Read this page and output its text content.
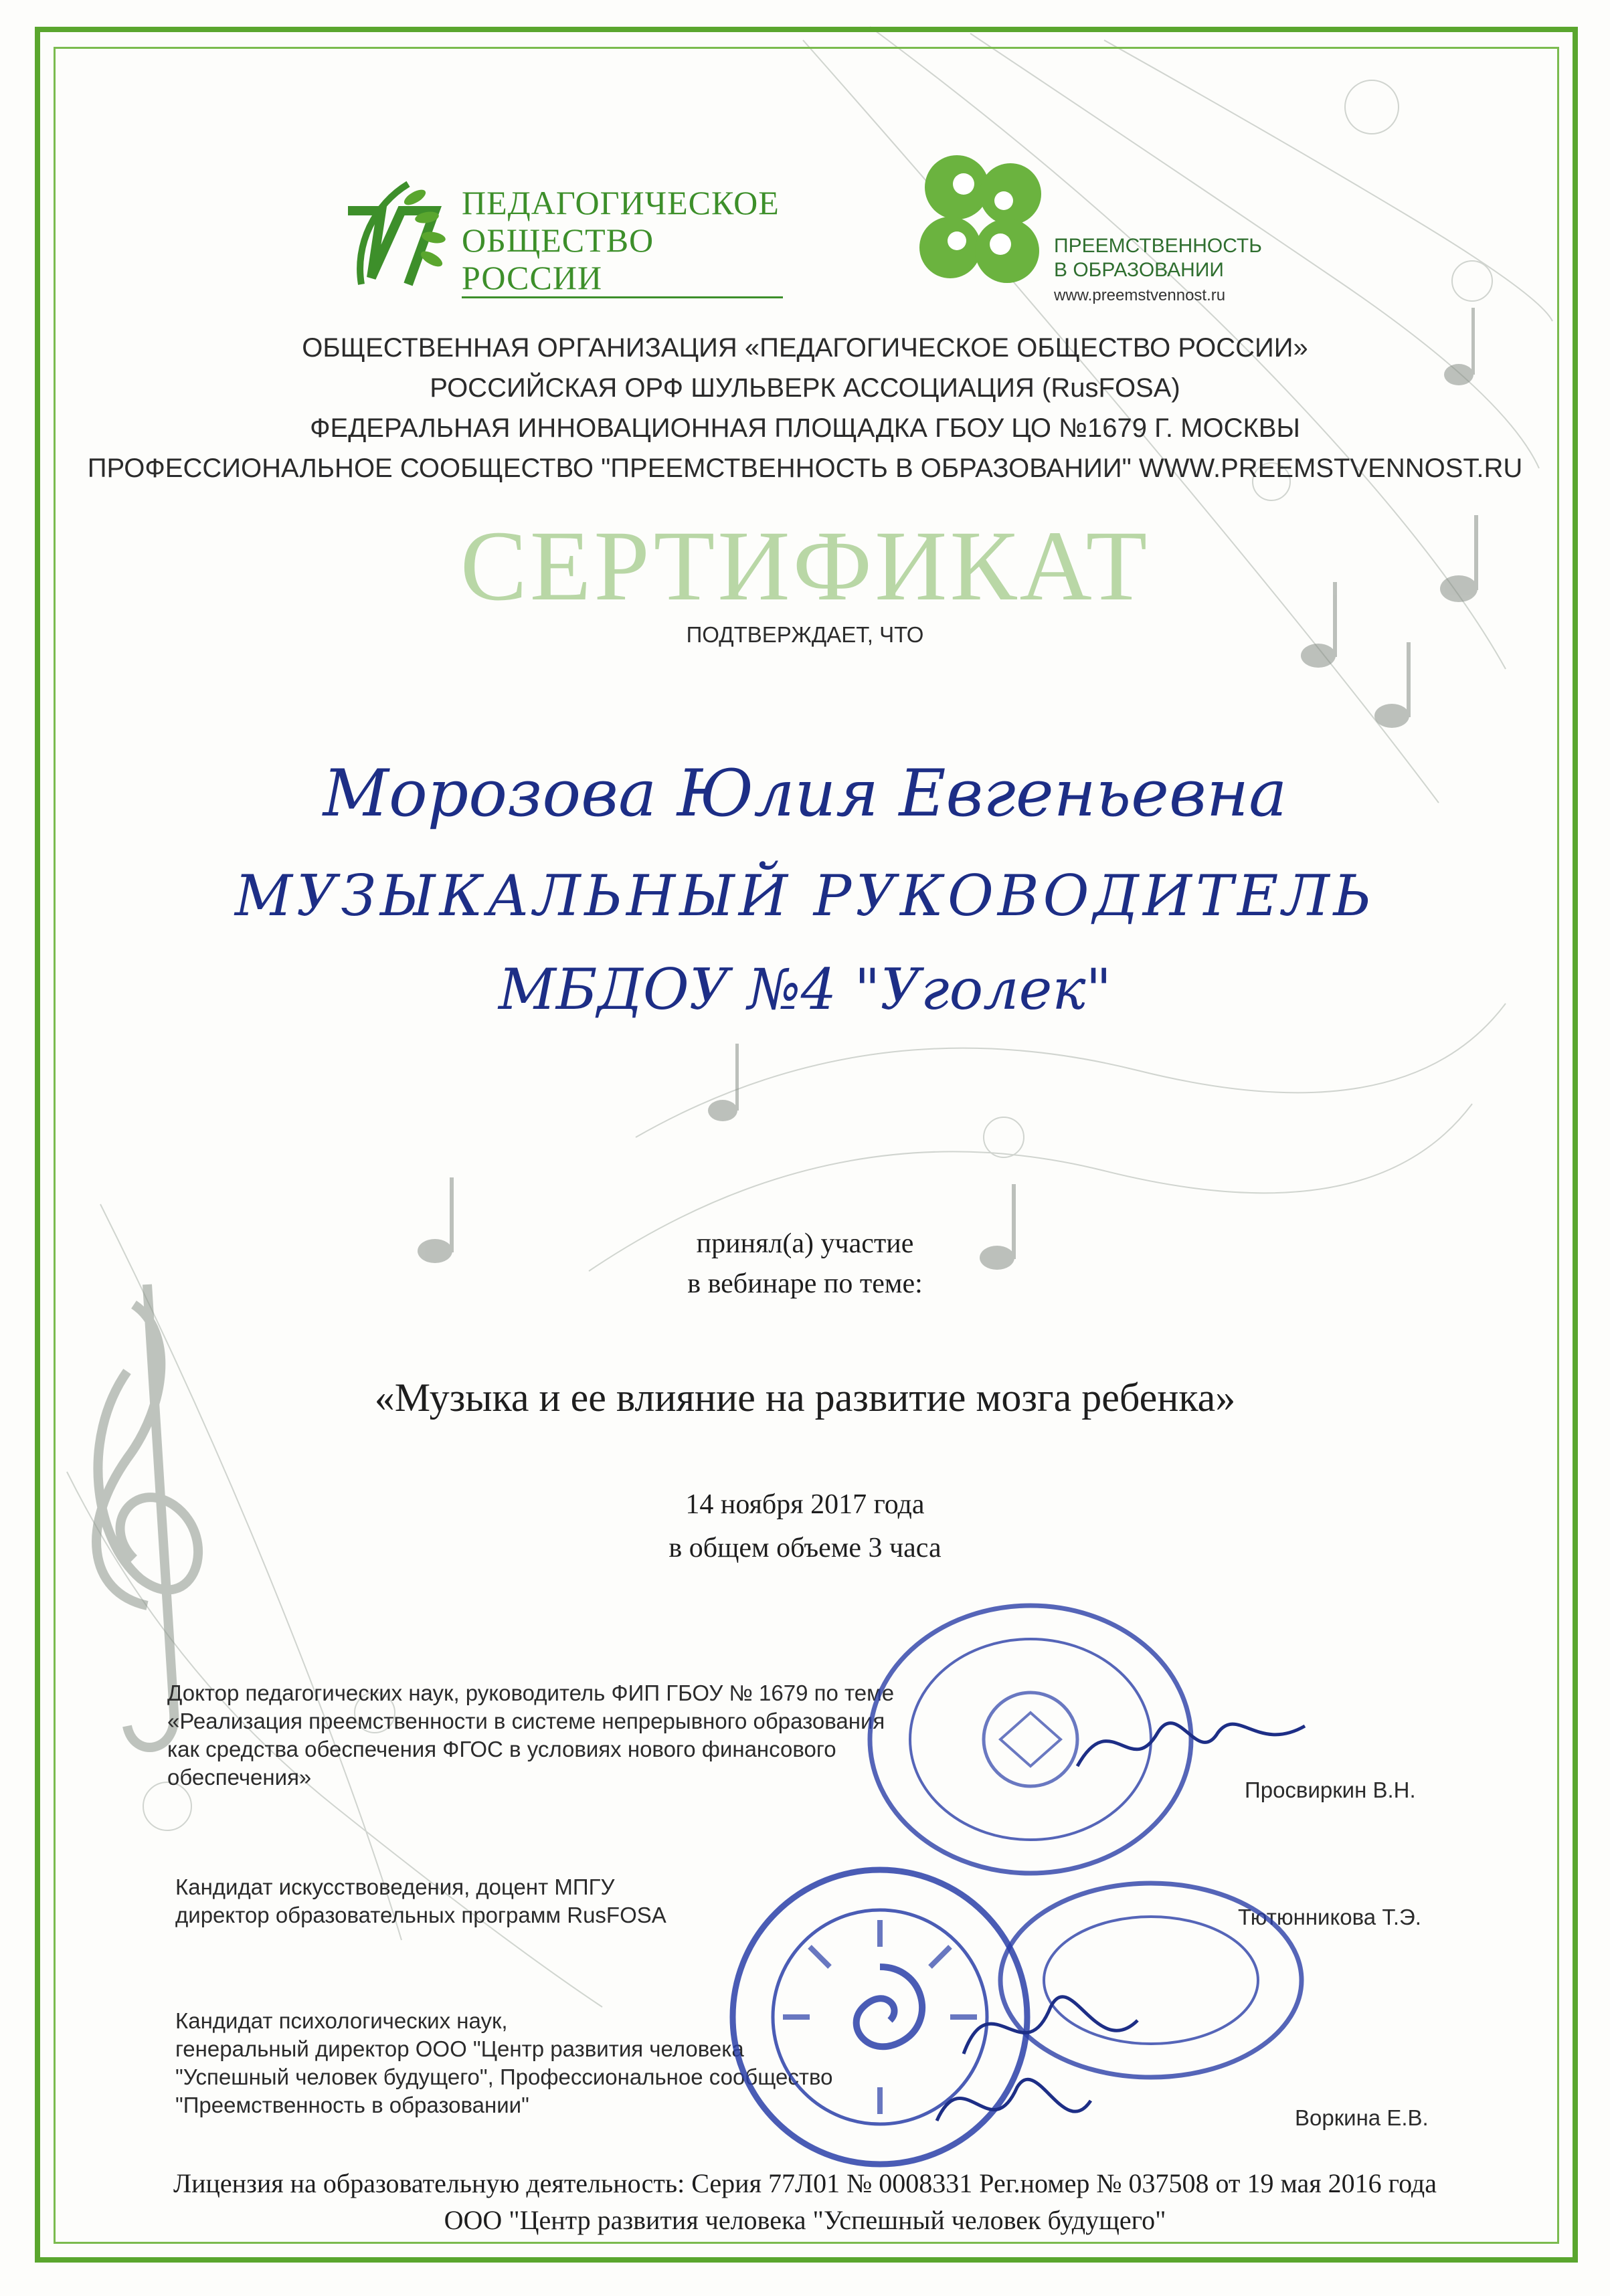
ПЕДАГОГИЧЕСКОЕ
ОБЩЕСТВО
РОССИИ
ПРЕЕМСТВЕННОСТЬ
В ОБРАЗОВАНИИ
www.preemstvennost.ru
ОБЩЕСТВЕННАЯ ОРГАНИЗАЦИЯ «ПЕДАГОГИЧЕСКОЕ ОБЩЕСТВО РОССИИ»
РОССИЙСКАЯ ОРФ ШУЛЬВЕРК АССОЦИАЦИЯ (RusFOSA)
ФЕДЕРАЛЬНАЯ ИННОВАЦИОННАЯ ПЛОЩАДКА ГБОУ ЦО №1679 Г. МОСКВЫ
ПРОФЕССИОНАЛЬНОЕ СООБЩЕСТВО "ПРЕЕМСТВЕННОСТЬ В ОБРАЗОВАНИИ" WWW.PREEMSTVENNOST.RU
СЕРТИФИКАТ
ПОДТВЕРЖДАЕТ, ЧТО
Морозова Юлия Евгеньевна
МУЗЫКАЛЬНЫЙ РУКОВОДИТЕЛЬ
МБДОУ №4 "Уголек"
принял(а) участие
в вебинаре по теме:
«Музыка и ее влияние на развитие мозга ребенка»
14 ноября 2017 года
в общем объеме 3 часа
Доктор педагогических наук, руководитель ФИП ГБОУ № 1679 по теме
«Реализация преемственности в системе непрерывного образования
как средства обеспечения ФГОС в условиях нового финансового
обеспечения»
Просвиркин В.Н.
Кандидат искусствоведения, доцент МПГУ
директор образовательных программ RusFOSA	Тютюнникова Т.Э.
Кандидат психологических наук,
генеральный директор ООО "Центр развития человека
"Успешный человек будущего", Профессиональное сообщество
"Преемственность в образовании"
Воркина Е.В.
Лицензия на образовательную деятельность: Серия 77Л01 № 0008331 Рег.номер № 037508 от 19 мая 2016 года
ООО "Центр развития человека "Успешный человек будущего"
